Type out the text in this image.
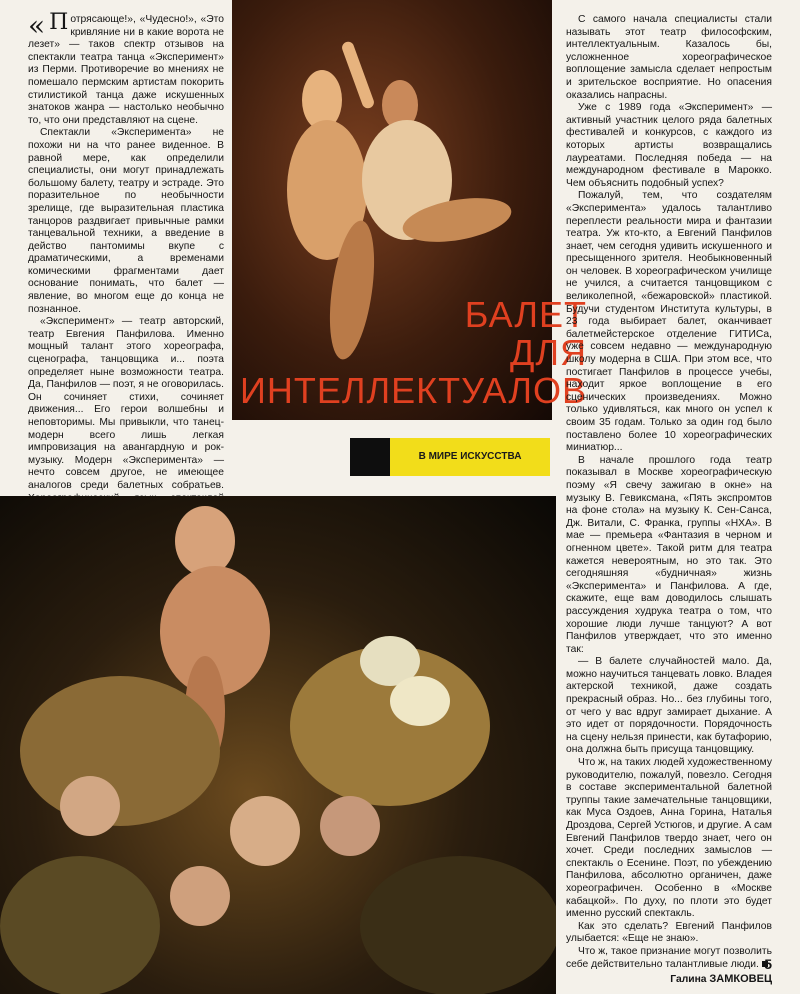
« П отрясающе!», «Чудесно!», «Это кривляние ни в какие ворота не лезет» — таков спектр отзывов на спектакли театра танца «Эксперимент» из Перми. Противоречие во мнениях не помешало пермским артистам покорить стилистикой танца даже искушенных знатоков жанра — настолько необычно то, что они представляют на сцене.

Спектакли «Эксперимента» не похожи ни на что ранее виденное. В равной мере, как определили специалисты, они могут принадлежать большому балету, театру и эстраде. Это поразительное по необычности зрелище, где выразительная пластика танцоров раздвигает привычные рамки танцевальной техники, а введение в действо пантомимы вкупе с драматическими, а временами комическими фрагментами дает основание понимать, что балет — явление, во многом еще до конца не познанное.

«Эксперимент» — театр авторский, театр Евгения Панфилова. Именно мощный талант этого хореографа, сценографа, танцовщика и... поэта определяет ныне возможности театра. Да, Панфилов — поэт, я не оговорилась. Он сочиняет стихи, сочиняет движения... Его герои волшебны и неповторимы. Мы привыкли, что танец-модерн всего лишь легкая импровизация на авангардную и рок-музыку. Модерн «Эксперимента» — нечто совсем другое, не имеющее аналогов среди балетных собратьев.

БАЛЕТ
ДЛЯ
ИНТЕЛЛЕКТУАЛОВ
В МИРЕ ИСКУССТВА

С самого начала специалисты стали называть этот театр философским, интеллектуальным. Казалось бы, усложненное хореографическое воплощение замысла сделает непростым и зрительское восприятие. Но опасения оказались напрасны.

Уже с 1989 года «Эксперимент» — активный участник целого ряда балетных фестивалей и конкурсов, с каждого из которых артисты возвращались лауреатами. Последняя победа — на международном фестивале в Марокко. Чем объяснить подобный успех?

Пожалуй, тем, что создателям «Эксперимента» удалось талантливо переплести реальности мира и фантазии театра. Уж кто-кто, а Евгений Панфилов знает, чем сегодня удивить искушенного и пресыщенного зрителя. Необыкновенный он человек. В хореографическом училище не учился, а считается танцовщиком с великолепной, «бежаровской» пластикой. Будучи студентом Института культуры, в 23 года выбирает балет, оканчивает балетмейстерское отделение ГИТИСа, уже совсем недавно — международную школу модерна в США. При этом все, что постигает Панфилов в процессе учебы, находит яркое воплощение в его сценических произведениях. Можно только удивляться, как много он успел к своим 35 годам. Только за один год было поставлено более 10 хореографических миниатюр...

В начале прошлого года театр показывал в Москве хореографическую поэму «Я свечу зажигаю в окне» на музыку В. Гевиксмана, «Пять экспромтов на фоне стола» на музыку К. Сен-Санса, Дж. Витали, С. Франка, группы «НХА». В мае — премьера «Фантазия в черном и огненном цвете». Такой ритм для театра кажется невероятным, но это так. Это сегодняшняя «будничная» жизнь «Эксперимента» и Панфилова. А где, скажите, еще вам доводилось слышать рассуждения худрука театра о том, что хорошие люди лучше танцуют? А вот Панфилов утверждает, что это именно так:

— В балете случайностей мало. Да, можно научиться танцевать ловко. Владея актерской техникой, даже создать прекрасный образ. Но... без глубины того, от чего у вас вдруг замирает дыхание. А это идет от порядочности. Порядочность на сцену нельзя принести, как бутафорию, она должна быть присуща танцовщику.

Что ж, на таких людей художественному руководителю, пожалуй, повезло. Сегодня в составе экспериментальной балетной труппы такие замечательные танцовщики, как Муса Оздоев, Анна Горина, Наталья Дроздова, Сергей Устюгов, и другие. А сам Евгений Панфилов твердо знает, чего он хочет. Среди последних замыслов — спектакль о Есенине. Поэт, по убеждению Панфилова, абсолютно органичен, даже хореографичен. Особенно в «Москве кабацкой». По духу, по плоти это будет именно русский спектакль.

Как это сделать? Евгений Панфилов улыбается: «Еще не знаю».

Что ж, такое признание могут позволить себе действительно талантливые люди.

Галина ЗАМКОВЕЦ
5
